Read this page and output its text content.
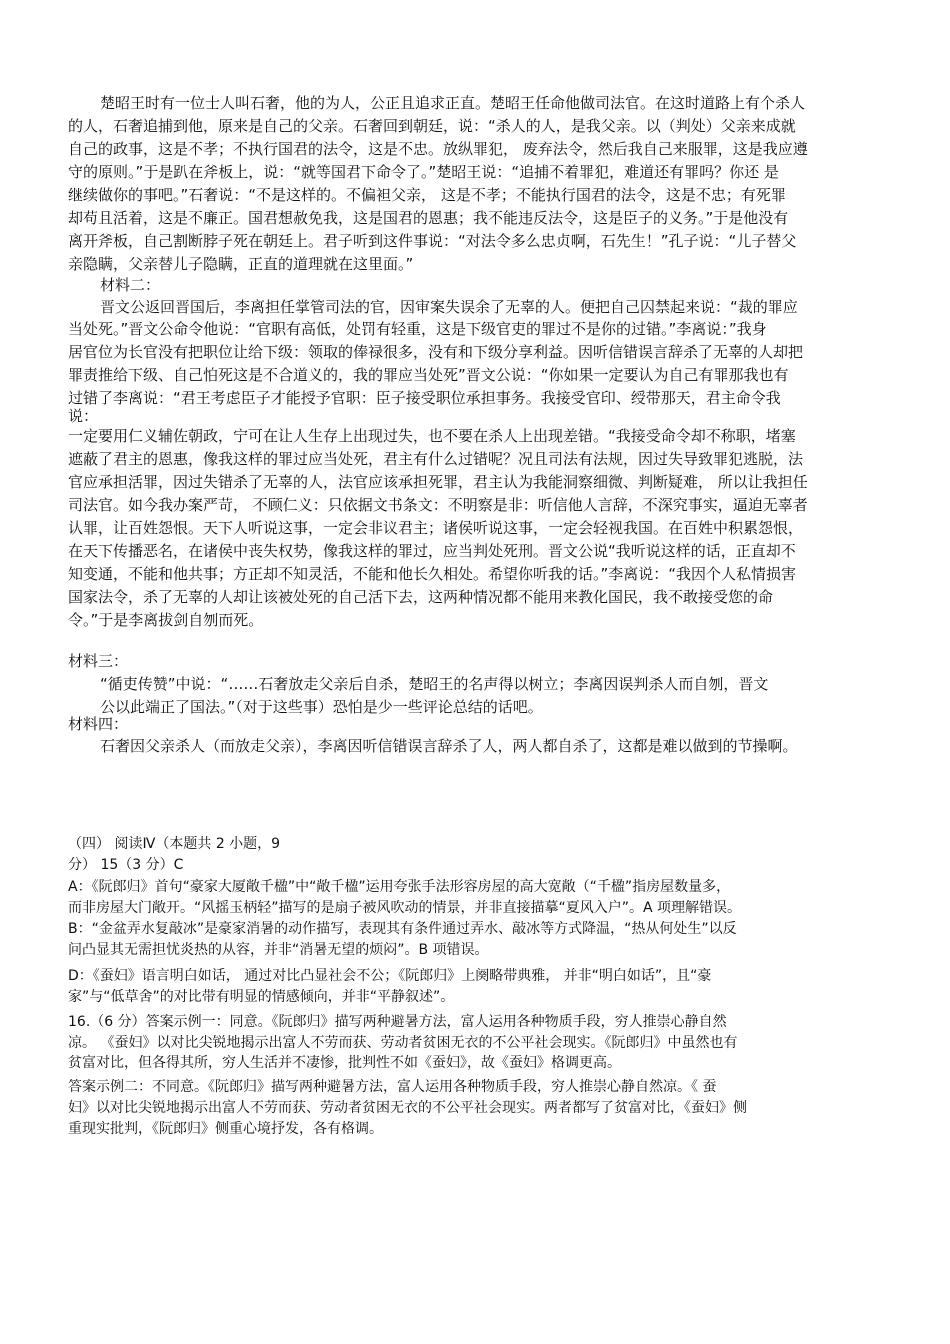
楚昭王时有一位士人叫石奢，他的为人，公正且追求正直。楚昭王任命他做司法官。在这时道路上有个杀人

的人，石奢追捕到他，原来是自己的父亲。石奢回到朝廷，说：“杀人的人，是我父亲。以（判处）父亲来成就

自己的政事，这是不孝；不执行国君的法令，这是不忠。放纵罪犯， 废弃法令，然后我自己来服罪，这是我应遵

守的原则。”于是趴在斧板上，说：“就等国君下命令了。”楚昭王说：“追捕不着罪犯，难道还有罪吗？你还 是

继续做你的事吧。”石奢说：“不是这样的。不偏袒父亲， 这是不孝；不能执行国君的法令，这是不忠；有死罪

却苟且活着，这是不廉正。国君想赦免我，这是国君的恩惠；我不能违反法令，这是臣子的义务。”于是他没有

离开斧板，自己割断脖子死在朝廷上。君子听到这件事说：“对法令多么忠贞啊，石先生！”孔子说：“儿子替父

亲隐瞒，父亲替儿子隐瞒，正直的道理就在这里面。”

材料二：

晋文公返回晋国后，李离担任掌管司法的官，因审案失误余了无辜的人。便把自己囚禁起来说：“裁的罪应

当处死。”晋文公命令他说：“官职有高低，处罚有轻重，这是下级官吏的罪过不是你的过错。”李离说：”我身

居官位为长官没有把职位让给下级：领取的俸禄很多，没有和下级分享利益。因听信错误言辞杀了无辜的人却把

罪责推给下级、自己怕死这是不合道义的，我的罪应当处死”晋文公说：“你如果一定要认为自己有罪那我也有

过错了李离说：“君王考虑臣子才能授予官职：臣子接受职位承担事务。我接受官印、绶带那天，君主命令我

说：

一定要用仁义辅佐朝政，宁可在让人生存上出现过失，也不要在杀人上出现差错。“我接受命令却不称职，堵塞

遮蔽了君主的恩惠，像我这样的罪过应当处死，君主有什么过错呢？况且司法有法规，因过失导致罪犯逃脱，法

官应承担活罪，因过失错杀了无辜的人，法官应该承担死罪，君主认为我能洞察细微、判断疑难， 所以让我担任

司法官。如今我办案严苛， 不顾仁义：只依据文书条文：不明察是非：听信他人言辞，不深究事实，逼迫无辜者

认罪，让百姓怨恨。天下人听说这事，一定会非议君主；诸侯听说这事，一定会轻视我国。在百姓中积累怨恨，

在天下传播恶名，在诸侯中丧失权势，像我这样的罪过，应当判处死刑。晋文公说“我听说这样的话，正直却不

知变通，不能和他共事；方正却不知灵活，不能和他长久相处。希望你听我的话。”李离说：“我因个人私情损害

国家法令，杀了无辜的人却让该被处死的自己活下去，这两种情况都不能用来教化国民，我不敢接受您的命

令。”于是李离拔剑自刎而死。

材料三：

“循吏传赞”中说：“……石奢放走父亲后自杀，楚昭王的名声得以树立；李离因误判杀人而自刎，晋文

公以此端正了国法。”（对于这些事）恐怕是少一些评论总结的话吧。

材料四：

石奢因父亲杀人（而放走父亲），李离因听信错误言辞杀了人，两人都自杀了，这都是难以做到的节操啊。

（四） 阅读Ⅳ（本题共 2 小题，9

分） 15（3 分）C

A：《阮郎归》首句“豪家大厦敞千楹”中“敞千楹”运用夸张手法形容房屋的高大宽敞（“千楹”指房屋数量多，

而非房屋大门敞开。“风摇玉柄轻”描写的是扇子被风吹动的情景，并非直接描摹“夏风入户”。A 项理解错误。

B：“金盆弄水复敲冰”是豪家消暑的动作描写，表现其有条件通过弄水、敲冰等方式降温，“热从何处生”以反

问凸显其无需担忧炎热的从容，并非“消暑无望的烦闷”。B 项错误。

D：《蚕妇》语言明白如话， 通过对比凸显社会不公；《阮郎归》上阕略带典雅， 并非“明白如话”，且“豪

家”与“低草舍”的对比带有明显的情感倾向，并非“平静叙述”。

16.（6 分）答案示例一：同意。《阮郎归》描写两种避暑方法，富人运用各种物质手段，穷人推崇心静自然

凉。 《蚕妇》以对比尖锐地揭示出富人不劳而获、劳动者贫困无衣的不公平社会现实。《阮郎归》中虽然也有

贫富对比，但各得其所，穷人生活并不凄惨，批判性不如《蚕妇》，故《蚕妇》格调更高。

答案示例二：不同意。《阮郎归》描写两种避暑方法，富人运用各种物质手段，穷人推崇心静自然凉。《 蚕

妇》以对比尖锐地揭示出富人不劳而获、劳动者贫困无衣的不公平社会现实。两者都写了贫富对比，《蚕妇》侧

重现实批判，《阮郎归》侧重心境抒发，各有格调。
